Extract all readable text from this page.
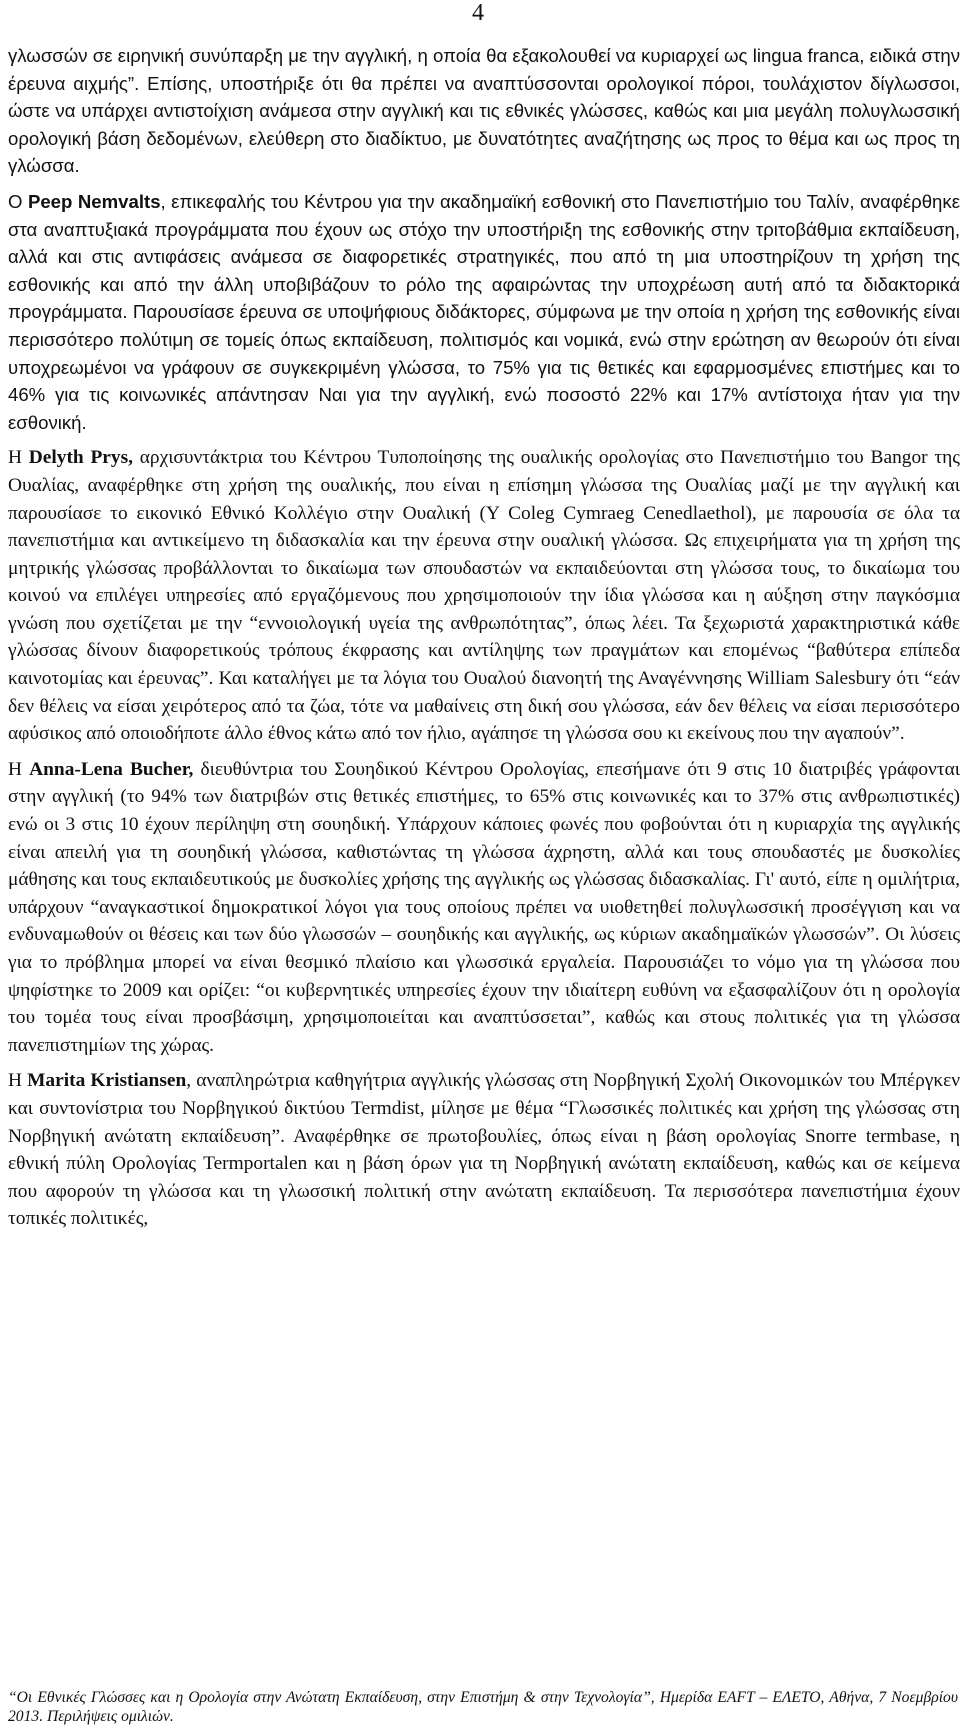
4

γλωσσών σε ειρηνική συνύπαρξη με την αγγλική, η οποία θα εξακολουθεί να κυριαρχεί ως lingua franca, ειδικά στην έρευνα αιχμής”. Επίσης, υποστήριξε ότι θα πρέπει να αναπτύσσονται ορολογικοί πόροι, τουλάχιστον δίγλωσσοι, ώστε να υπάρχει αντιστοίχιση ανάμεσα στην αγγλική και τις εθνικές γλώσσες, καθώς και μια μεγάλη πολυγλωσσική ορολογική βάση δεδομένων, ελεύθερη στο διαδίκτυο, με δυνατότητες αναζήτησης ως προς το θέμα και ως προς τη γλώσσα.

Ο Peep Nemvalts, επικεφαλής του Κέντρου για την ακαδημαϊκή εσθονική στο Πανεπιστήμιο του Ταλίν, αναφέρθηκε στα αναπτυξιακά προγράμματα που έχουν ως στόχο την υποστήριξη της εσθονικής στην τριτοβάθμια εκπαίδευση, αλλά και στις αντιφάσεις ανάμεσα σε διαφορετικές στρατηγικές, που από τη μια υποστηρίζουν τη χρήση της εσθονικής και από την άλλη υποβιβάζουν το ρόλο της αφαιρώντας την υποχρέωση αυτή από τα διδακτορικά προγράμματα. Παρουσίασε έρευνα σε υποψήφιους διδάκτορες, σύμφωνα με την οποία η χρήση της εσθονικής είναι περισσότερο πολύτιμη σε τομείς όπως εκπαίδευση, πολιτισμός και νομικά, ενώ στην ερώτηση αν θεωρούν ότι είναι υποχρεωμένοι να γράφουν σε συγκεκριμένη γλώσσα, το 75% για τις θετικές και εφαρμοσμένες επιστήμες και το 46% για τις κοινωνικές απάντησαν Ναι για την αγγλική, ενώ ποσοστό 22% και 17% αντίστοιχα ήταν για την εσθονική.

Η Delyth Prys, αρχισυντάκτρια του Κέντρου Τυποποίησης της ουαλικής ορολογίας στο Πανεπιστήμιο του Bangor της Ουαλίας, αναφέρθηκε στη χρήση της ουαλικής, που είναι η επίσημη γλώσσα της Ουαλίας μαζί με την αγγλική και παρουσίασε το εικονικό Εθνικό Κολλέγιο στην Ουαλική (Y Coleg Cymraeg Cenedlaethol), με παρουσία σε όλα τα πανεπιστήμια και αντικείμενο τη διδασκαλία και την έρευνα στην ουαλική γλώσσα. Ως επιχειρήματα για τη χρήση της μητρικής γλώσσας προβάλλονται το δικαίωμα των σπουδαστών να εκπαιδεύονται στη γλώσσα τους, το δικαίωμα του κοινού να επιλέγει υπηρεσίες από εργαζόμενους που χρησιμοποιούν την ίδια γλώσσα και η αύξηση στην παγκόσμια γνώση που σχετίζεται με την “εννοιολογική υγεία της ανθρωπότητας”, όπως λέει. Τα ξεχωριστά χαρακτηριστικά κάθε γλώσσας δίνουν διαφορετικούς τρόπους έκφρασης και αντίληψης των πραγμάτων και επομένως “βαθύτερα επίπεδα καινοτομίας και έρευνας”. Και καταλήγει με τα λόγια του Ουαλού διανοητή της Αναγέννησης William Salesbury ότι “εάν δεν θέλεις να είσαι χειρότερος από τα ζώα, τότε να μαθαίνεις στη δική σου γλώσσα, εάν δεν θέλεις να είσαι περισσότερο αφύσικος από οποιοδήποτε άλλο έθνος κάτω από τον ήλιο, αγάπησε τη γλώσσα σου κι εκείνους που την αγαπούν”.

Η Anna-Lena Bucher, διευθύντρια του Σουηδικού Κέντρου Ορολογίας, επεσήμανε ότι 9 στις 10 διατριβές γράφονται στην αγγλική (το 94% των διατριβών στις θετικές επιστήμες, το 65% στις κοινωνικές και το 37% στις ανθρωπιστικές) ενώ οι 3 στις 10 έχουν περίληψη στη σουηδική. Υπάρχουν κάποιες φωνές που φοβούνται ότι η κυριαρχία της αγγλικής είναι απειλή για τη σουηδική γλώσσα, καθιστώντας τη γλώσσα άχρηστη, αλλά και τους σπουδαστές με δυσκολίες μάθησης και τους εκπαιδευτικούς με δυσκολίες χρήσης της αγγλικής ως γλώσσας διδασκαλίας. Γι' αυτό, είπε η ομιλήτρια, υπάρχουν “αναγκαστικοί δημοκρατικοί λόγοι για τους οποίους πρέπει να υιοθετηθεί πολυγλωσσική προσέγγιση και να ενδυναμωθούν οι θέσεις και των δύο γλωσσών – σουηδικής και αγγλικής, ως κύριων ακαδημαϊκών γλωσσών”. Οι λύσεις για το πρόβλημα μπορεί να είναι θεσμικό πλαίσιο και γλωσσικά εργαλεία. Παρουσιάζει το νόμο για τη γλώσσα που ψηφίστηκε το 2009 και ορίζει: “οι κυβερνητικές υπηρεσίες έχουν την ιδιαίτερη ευθύνη να εξασφαλίζουν ότι η ορολογία του τομέα τους είναι προσβάσιμη, χρησιμοποιείται και αναπτύσσεται”, καθώς και στους πολιτικές για τη γλώσσα πανεπιστημίων της χώρας.

Η Marita Kristiansen, αναπληρώτρια καθηγήτρια αγγλικής γλώσσας στη Νορβηγική Σχολή Οικονομικών του Μπέργκεν και συντονίστρια του Νορβηγικού δικτύου Termdist, μίλησε με θέμα “Γλωσσικές πολιτικές και χρήση της γλώσσας στη Νορβηγική ανώτατη εκπαίδευση”. Αναφέρθηκε σε πρωτοβουλίες, όπως είναι η βάση ορολογίας Snorre termbase, η εθνική πύλη Ορολογίας Termportalen και η βάση όρων για τη Νορβηγική ανώτατη εκπαίδευση, καθώς και σε κείμενα που αφορούν τη γλώσσα και τη γλωσσική πολιτική στην ανώτατη εκπαίδευση. Τα περισσότερα πανεπιστήμια έχουν τοπικές πολιτικές,

“Οι Εθνικές Γλώσσες και η Ορολογία στην Ανώτατη Εκπαίδευση, στην Επιστήμη & στην Τεχνολογία”, Ημερίδα EAFT – ΕΛΕΤΟ, Αθήνα, 7 Νοεμβρίου 2013. Περιλήψεις ομιλιών.
